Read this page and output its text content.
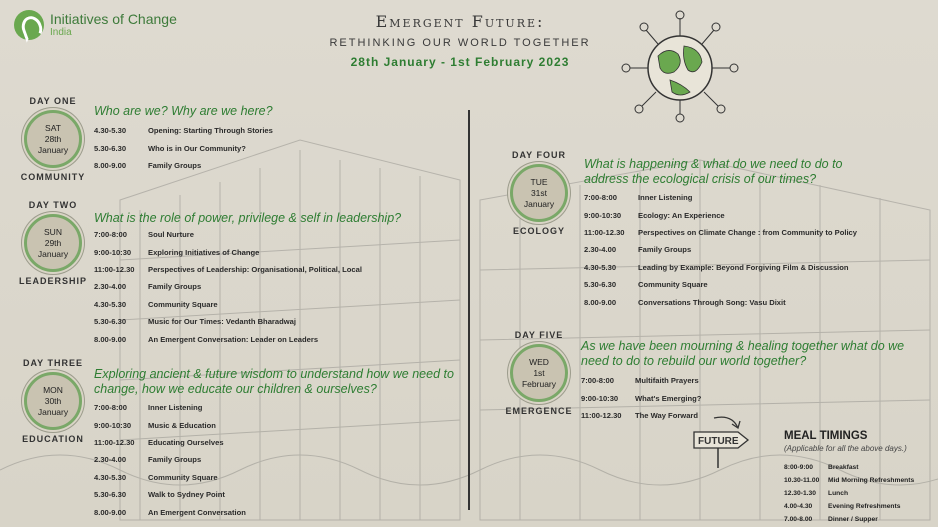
Initiatives of Change
India
Emergent Future:
RETHINKING OUR WORLD TOGETHER
28th January - 1st February 2023
DAY ONE
SAT
28th
January
COMMUNITY
Who are we? Why are we here?
4.30-5.30	Opening: Starting Through Stories
5.30-6.30	Who is in Our Community?
8.00-9.00	Family Groups
DAY TWO
SUN
29th
January
LEADERSHIP
What is the role of power, privilege & self in leadership?
7:00-8:00	Soul Nurture
9:00-10:30	Exploring Initiatives of Change
11:00-12.30	Perspectives of Leadership: Organisational, Political, Local
2.30-4.00	Family Groups
4.30-5.30	Community Square
5.30-6.30	Music for Our Times: Vedanth Bharadwaj
8.00-9.00	An Emergent Conversation: Leader on Leaders
DAY THREE
MON
30th
January
EDUCATION
Exploring ancient & future wisdom to understand how we need to change, how we educate our children & ourselves?
7:00-8:00	Inner Listening
9:00-10:30	Music & Education
11:00-12.30	Educating Ourselves
2.30-4.00	Family Groups
4.30-5.30	Community Square
5.30-6.30	Walk to Sydney Point
8.00-9.00	An Emergent Conversation
DAY FOUR
TUE
31st
January
ECOLOGY
What is happening & what do we need to do to address the ecological crisis of our times?
7:00-8:00	Inner Listening
9:00-10:30	Ecology: An Experience
11:00-12.30	Perspectives on Climate Change : from Community to Policy
2.30-4.00	Family Groups
4.30-5.30	Leading by Example: Beyond Forgiving Film & Discussion
5.30-6.30	Community Square
8.00-9.00	Conversations Through Song: Vasu Dixit
DAY FIVE
WED
1st
February
EMERGENCE
As we have been mourning & healing together what do we need to do to rebuild our world together?
7:00-8:00	Multifaith Prayers
9:00-10:30	What's Emerging?
11:00-12.30	The Way Forward
FUTURE	MEAL TIMINGS
(Applicable for all the above days.)
8:00-9:00	Breakfast
10.30-11.00	Mid Morning Refreshments
12.30-1.30	Lunch
4.00-4.30	Evening Refreshments
7.00-8.00	Dinner / Supper
